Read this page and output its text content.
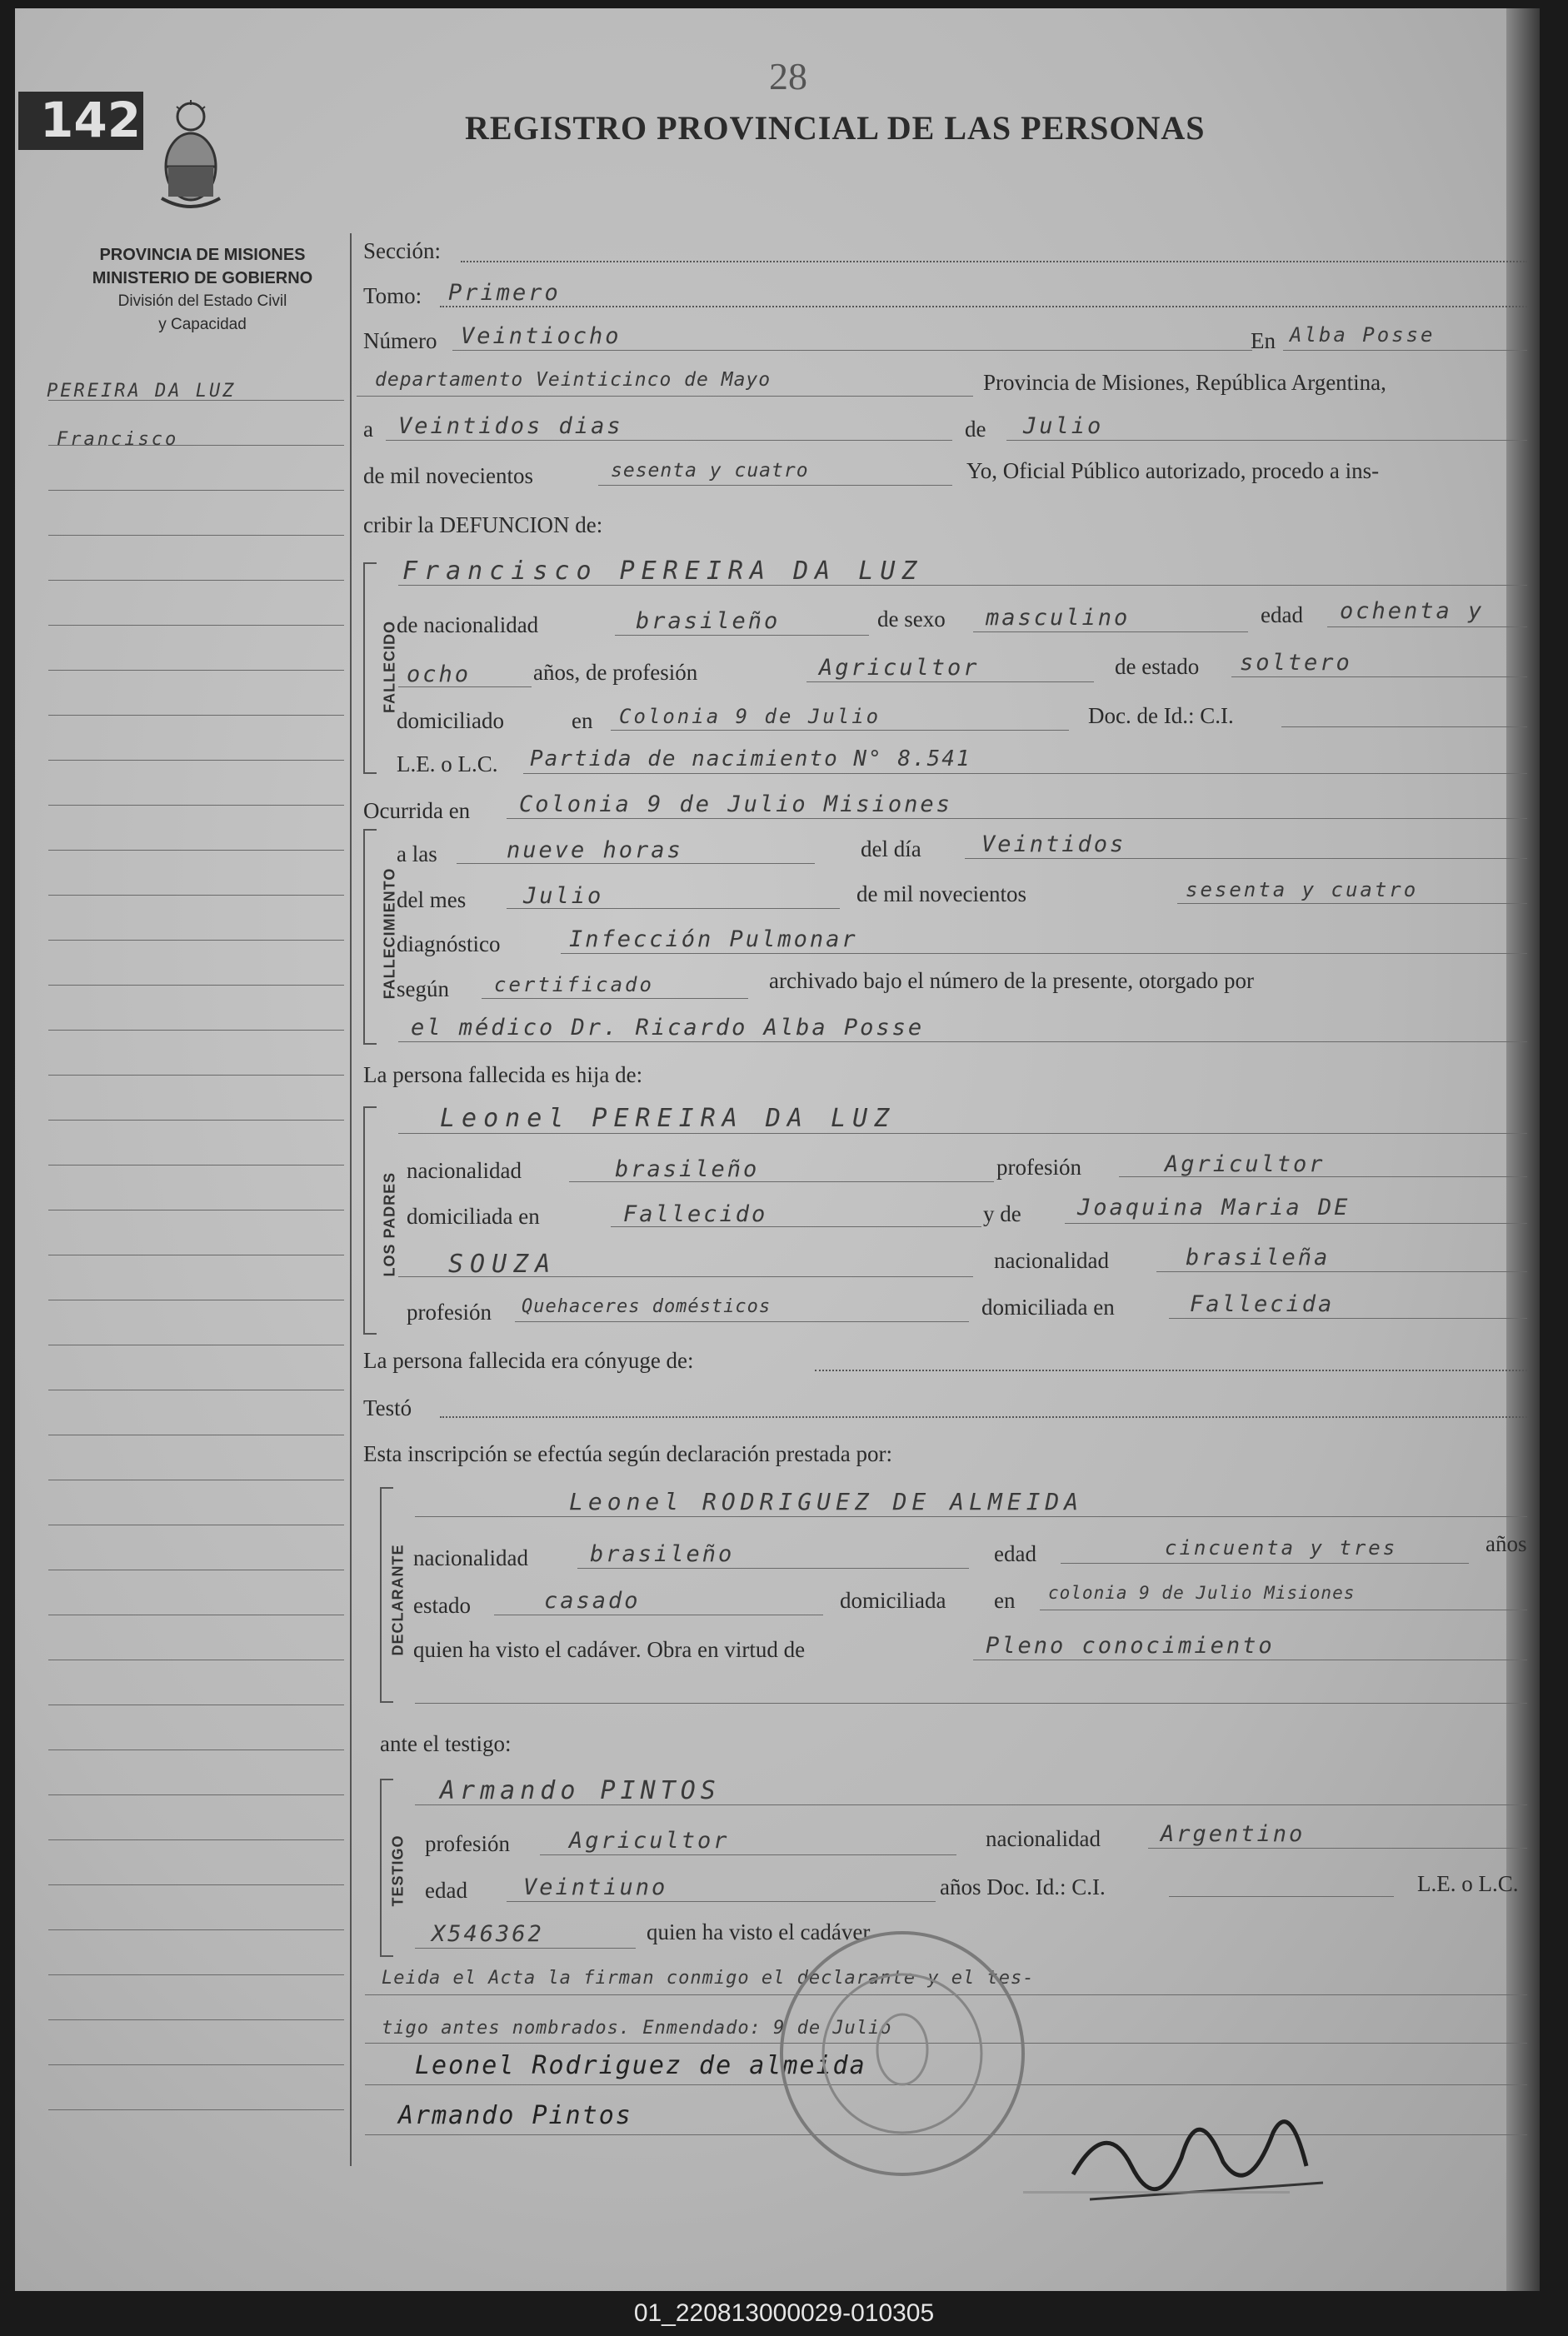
142
28
REGISTRO PROVINCIAL DE LAS PERSONAS
PROVINCIA DE MISIONES
MINISTERIO DE GOBIERNO
División del Estado Civil
y Capacidad
PEREIRA DA LUZ
Francisco
Sección:
Tomo: Primero
Número Veintiocho	En Alba Posse
departamento Veinticinco de Mayo	Provincia de Misiones, República Argentina,
a Veintidos dias	de Julio
de mil novecientos	sesenta y cuatro	Yo, Oficial Público autorizado, procedo a ins-
cribir la DEFUNCION de:
FALLECIDO
Francisco PEREIRA DA LUZ
de nacionalidad	brasileño	de sexo masculino	edad ochenta y
ocho	años, de profesión	Agricultor	de estado soltero
domiciliado	en Colonia 9 de Julio	Doc. de Id.: C.I.
L.E. o L.C. Partida de nacimiento N° 8.541
Ocurrida en Colonia 9 de Julio Misiones
FALLECIMIENTO
a las	nueve horas	del día	Veintidos
del mes	Julio	de mil novecientos	sesenta y cuatro
diagnóstico	Infección Pulmonar
según certificado	archivado bajo el número de la presente, otorgado por
el médico Dr. Ricardo Alba Posse
La persona fallecida es hija de:
LOS PADRES
Leonel PEREIRA DA LUZ
nacionalidad	brasileño	profesión	Agricultor
domiciliada en	Fallecido	y de Joaquina Maria DE
SOUZA	nacionalidad	brasileña
profesión Quehaceres domésticos	domiciliada en	Fallecida
La persona fallecida era cónyuge de:
Testó
Esta inscripción se efectúa según declaración prestada por:
DECLARANTE
Leonel RODRIGUEZ DE ALMEIDA
nacionalidad	brasileño	edad	cincuenta y tres	años
estado	casado	domiciliada en colonia 9 de Julio Misiones
quien ha visto el cadáver. Obra en virtud de	Pleno conocimiento
ante el testigo:
TESTIGO
Armando PINTOS
profesión	Agricultor	nacionalidad	Argentino
edad Veintiuno	años Doc. Id.: C.I.	L.E. o L.C.
X546362	quien ha visto el cadáver
Leida el Acta la firman conmigo el declarante y el tes-
tigo antes nombrados. Enmendado: 9 de Julio
Leonel Rodriguez de almeida
Armando Pintos
01_220813000029-010305
